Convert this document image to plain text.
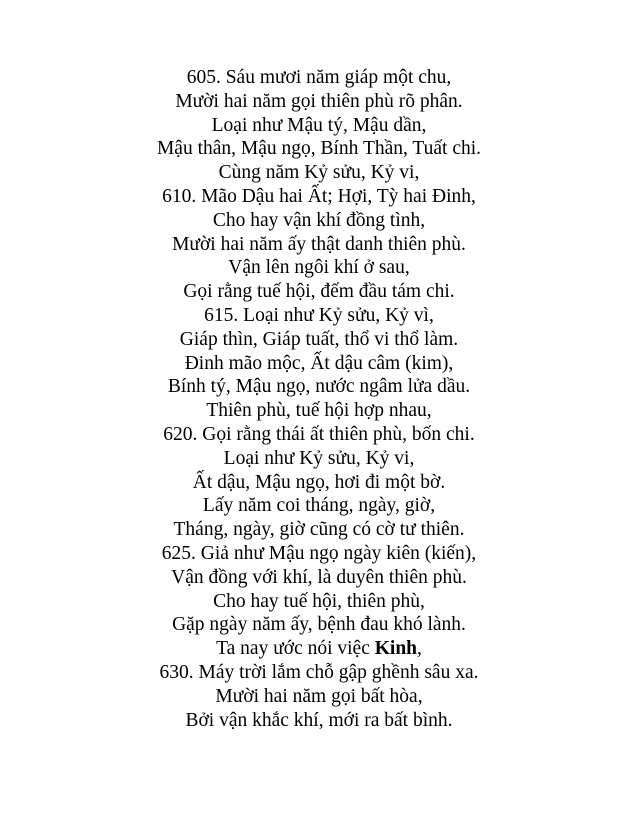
605. Sáu mươi năm giáp một chu,
Mười hai năm gọi thiên phù rõ phân.
Loại như Mậu tý, Mậu dần,
Mậu thân, Mậu ngọ, Bính Thần, Tuất chi.
Cùng năm Kỷ sửu, Kỷ vi,
610. Mão Dậu hai Ất; Hợi, Tỳ hai Đinh,
Cho hay vận khí đồng tình,
Mười hai năm ấy thật danh thiên phù.
Vận lên ngôi khí ở sau,
Gọi rằng tuế hội, đếm đầu tám chi.
615. Loại như Kỷ sửu, Kỷ vì,
Giáp thìn, Giáp tuất, thổ vi thổ làm.
Đinh mão mộc, Ất dậu câm (kim),
Bính tý, Mậu ngọ, nước ngâm lửa dầu.
Thiên phù, tuế hội hợp nhau,
620. Gọi rằng thái ất thiên phù, bốn chi.
Loại như Kỷ sửu, Kỷ vi,
Ất dậu, Mậu ngọ, hơi đi một bờ.
Lấy năm coi tháng, ngày, giờ,
Tháng, ngày, giờ cũng có cờ tư thiên.
625. Giả như Mậu ngọ ngày kiên (kiến),
Vận đồng với khí, là duyên thiên phù.
Cho hay tuế hội, thiên phù,
Gặp ngày năm ấy, bệnh đau khó lành.
Ta nay ước nói việc Kinh,
630. Máy trời lắm chỗ gập ghềnh sâu xa.
Mười hai năm gọi bất hòa,
Bởi vận khắc khí, mới ra bất bình.
